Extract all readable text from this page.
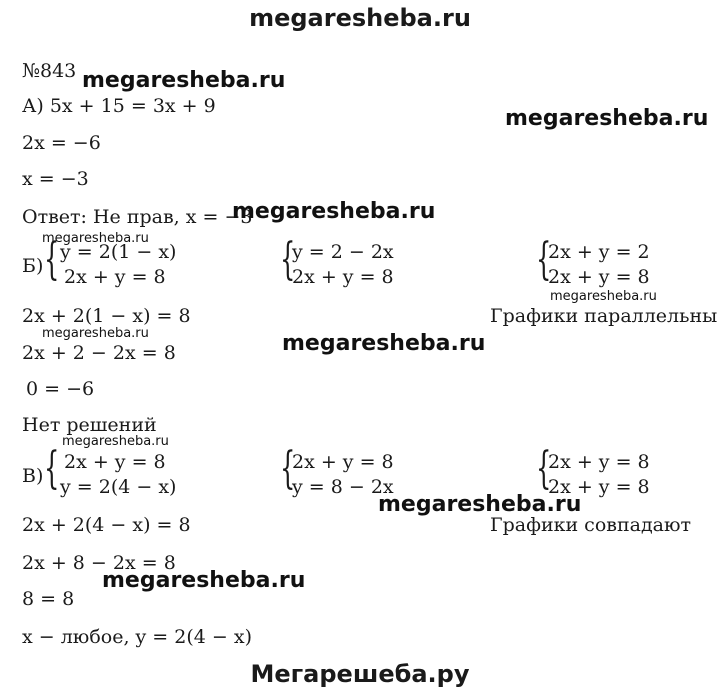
megaresheba.ru
№843 megaresheba.ru
А) 5x + 15 = 3x + 9	megaresheba.ru
2x = −6
x = −3
Ответ: Не прав, x = −3
megaresheba.ru
megaresheba.ru
Б) { y = 2(1 − x)
2x + y = 8	{
y = 2 − 2x
2x + y = 8	{
2x + y = 2
2x + y = 8
megaresheba.ru
Графики параллельны
2x + 2(1 − x) = 8
megaresheba.ru	megaresheba.ru
2x + 2 − 2x = 8
0 = −6
Нет решений
megaresheba.ru
В) { 2x + y = 8
y = 2(4 − x) {
2x + y = 8
y = 8 − 2x	{
2x + y = 8
2x + y = 8
megaresheba.ru
2x + 2(4 − x) = 8	Графики совпадают
2x + 8 − 2x = 8
megaresheba.ru
8 = 8
x − любое, y = 2(4 − x)
Мегарешеба.ру
